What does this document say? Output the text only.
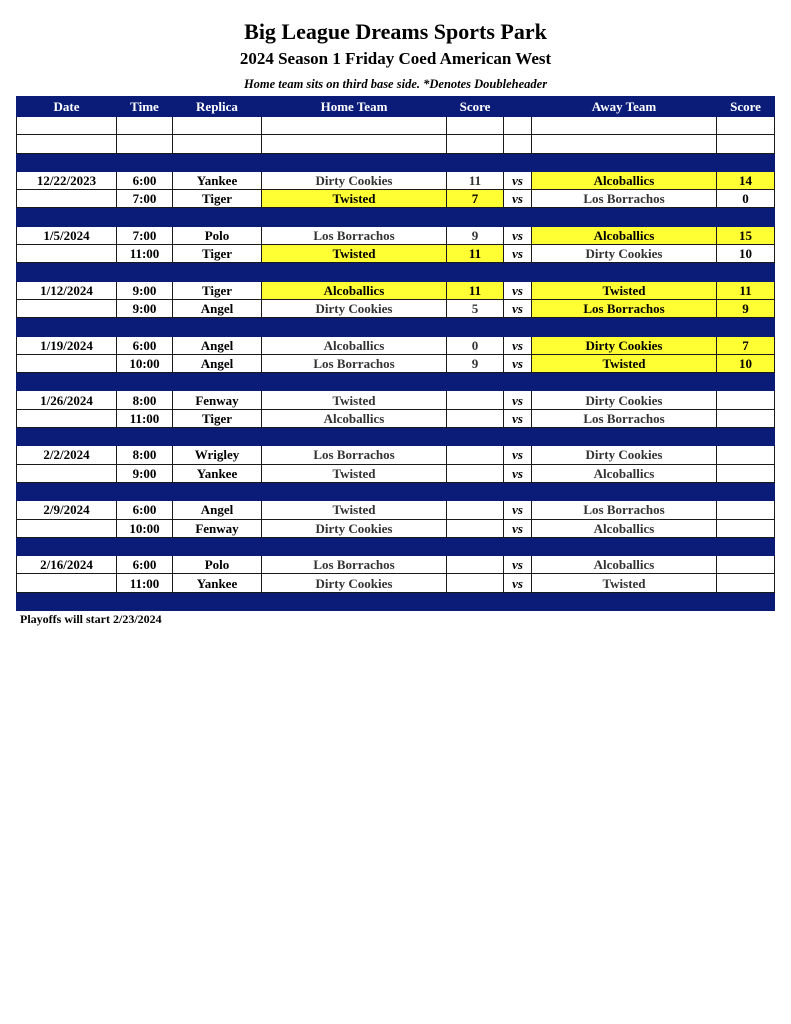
Big League Dreams Sports Park
2024 Season 1 Friday Coed American West
Home team sits on third base side. *Denotes Doubleheader
Date	Time	Replica	Home Team	Score		Away Team	Score

12/22/2023	6:00	Yankee	Dirty Cookies	11	vs	Alcoballics	14
	7:00	Tiger	Twisted	7	vs	Los Borrachos	0

1/5/2024	7:00	Polo	Los Borrachos	9	vs	Alcoballics	15
	11:00	Tiger	Twisted	11	vs	Dirty Cookies	10

1/12/2024	9:00	Tiger	Alcoballics	11	vs	Twisted	11
	9:00	Angel	Dirty Cookies	5	vs	Los Borrachos	9

1/19/2024	6:00	Angel	Alcoballics	0	vs	Dirty Cookies	7
	10:00	Angel	Los Borrachos	9	vs	Twisted	10

1/26/2024	8:00	Fenway	Twisted		vs	Dirty Cookies	
	11:00	Tiger	Alcoballics		vs	Los Borrachos	

2/2/2024	8:00	Wrigley	Los Borrachos		vs	Dirty Cookies	
	9:00	Yankee	Twisted		vs	Alcoballics	

2/9/2024	6:00	Angel	Twisted		vs	Los Borrachos	
	10:00	Fenway	Dirty Cookies		vs	Alcoballics	

2/16/2024	6:00	Polo	Los Borrachos		vs	Alcoballics	
	11:00	Yankee	Dirty Cookies		vs	Twisted	

Playoffs will start 2/23/2024
